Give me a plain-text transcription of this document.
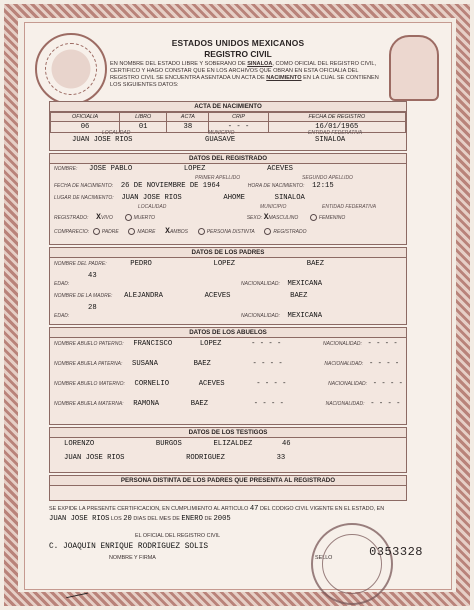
ESTADOS UNIDOS MEXICANOS
REGISTRO CIVIL
EN NOMBRE DEL ESTADO LIBRE Y SOBERANO DE SINALOA, COMO OFICIAL DEL REGISTRO CIVIL, CERTIFICO Y HAGO CONSTAR QUE EN LOS ARCHIVOS QUE OBRAN EN ESTA OFICIALIA DEL REGISTRO CIVIL SE ENCUENTRA ASENTADA UN ACTA DE NACIMIENTO EN LA CUAL SE CONTIENEN LOS SIGUIENTES DATOS:
ACTA DE NACIMIENTO
OFICIALIA	LIBRO	ACTA	CRIP	FECHA DE REGISTRO
06	01	38	- - -	16/01/1965
JUAN JOSE RIOS	GUASAVE	SINALOA
LOCALIDAD	MUNICIPIO	ENTIDAD FEDERATIVA
DATOS DEL REGISTRADO
NOMBRE: JOSE PABLO	LOPEZ	ACEVES
PRIMER APELLIDO	SEGUNDO APELLIDO
FECHA DE NACIMIENTO: 26 DE NOVIEMBRE DE 1964	HORA DE NACIMIENTO: 12:15
LUGAR DE NACIMIENTO: JUAN JOSE RIOS	AHOME	SINALOA
LOCALIDAD	MUNICIPIO	ENTIDAD FEDERATIVA
REGISTRADO: XVIVO	MUERTO	SEXO: XMASCULINO	FEMENINO
COMPARECIO:	PADRE	MADRE XAMBOS	PERSONA DISTINTA	REGISTRADO
DATOS DE LOS PADRES
NOMBRE DEL PADRE:	PEDRO	LOPEZ	BAEZ
43
EDAD:	NACIONALIDAD: MEXICANA
NOMBRE DE LA MADRE: ALEJANDRA	ACEVES	BAEZ
28
EDAD:	NACIONALIDAD: MEXICANA
DATOS DE LOS ABUELOS
NOMBRE ABUELO PATERNO: FRANCISCO	LOPEZ	- - - -	NACIONALIDAD: - - - -
NOMBRE ABUELA PATERNA: SUSANA	BAEZ	- - - -	NACIONALIDAD: - - - -
NOMBRE ABUELO MATERNO: CORNELIO	ACEVES	- - - -	NACIONALIDAD: - - - -
NOMBRE ABUELA MATERNA: RAMONA	BAEZ	- - - -	NACIONALIDAD: - - - -
DATOS DE LOS TESTIGOS
LORENZO	BURGOS	ELIZALDEZ	46
JUAN JOSE RIOS	RODRIGUEZ	33
PERSONA DISTINTA DE LOS PADRES QUE PRESENTA AL REGISTRADO
SE EXPIDE LA PRESENTE CERTIFICACION, EN CUMPLIMIENTO AL ARTICULO 47 DEL CODIGO CIVIL VIGENTE EN EL ESTADO, EN
JUAN JOSE RIOS LOS 20 DIAS DEL MES DE ENERO DE 2005
EL OFICIAL DEL REGISTRO CIVIL
C. JOAQUIN ENRIQUE RODRIGUEZ SOLIS
NOMBRE Y FIRMA	SELLO	0353328
